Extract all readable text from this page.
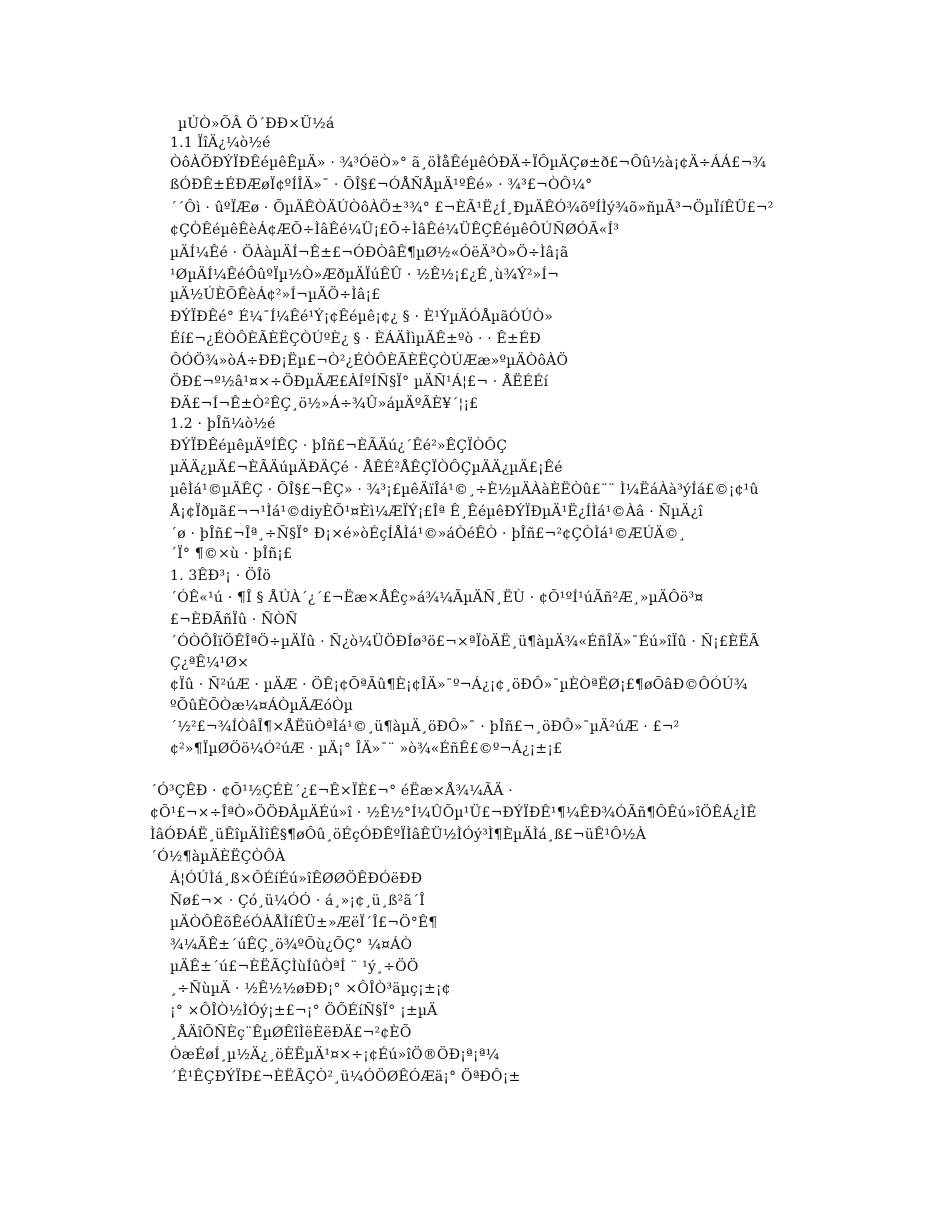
µÚÒ»ÕÂ Ö´ÐÐ×Ü½á
1.1 ÏîÄ¿¼ò½é
ÒôÀÖÐÝÏÐÊéµêÊµÄ» · ¾³ÓëÒ»° ã¸öÌåÊéµêÓÐÄ÷ÏÔµÄÇø±ð£¬Ôû½à¡¢Ä÷ÁÁ£¬¾
ßÓÐÊ±ÉÐÆøÏ¢ºÍÎÄ»¯ · ÕÎ§£¬ÓÅÑÅµÄ¹ºÊé» · ¾³£¬ÒÔ¼°
´´Ôì · ûºÏÆø · ÕµÄÊÒÄÚÒôÀÖ±³¾° £¬ÈÃ¹Ë¿Í¸ÐµÄÊÓ¾õºÍÌý¾õ»ñµÃ³¬ÖµÏíÊÜ£¬²
¢ÇÒÊéµêÊèÁ¢ÆÕ÷ÌâÊé¼Ü¡£Õ÷ÌâÊé¼ÜÊÇÊéµêÔÚÑØÓÃ«Í³
µÄÍ¼Êé · ÖÀàµÄÍ¬Ê±£¬ÓÐÒâÊ¶µØ½«ÓëÄ³Ò»Ö÷Ìâ¡ã
¹ØµÄÍ¼ÊéÔûºÏµ½Ò»ÆðµÄÏúÊÛ · ½Ê½¡£¿É¸ù¾Ý²»Í¬
µÄ½ÚÈÕÊèÁ¢²»Í¬µÄÖ÷Ìâ¡£
ÐÝÏÐÊé° É¼¯Í¼Êé¹Ý¡¢Êéµê¡¢¿ § · È¹ÝµÄÓÅµãÓÚÒ»
Éí£¬¿ÉÒÔÈÃÈËÇÒÚºÈ¿ § · ÈÁÄÌìµÄÊ±ºò · · Ê±ÉÐ
ÔÓÖ¾»òÁ÷ÐÐ¡Ëµ£¬Ò²¿ÉÒÔÈÃÈËÇÒÚÆæ»ºµÄÒôÀÖ
ÖÐ£¬º½â¹¤×÷ÖÐµÄÆ£ÀÍºÍÑ§Ï° µÄÑ¹Á¦£¬ · ÅËÉÉí
ÐÄ£¬Í¬Ê±Ò²ÊÇ¸ö½»Á÷¾Û»áµÄºÃÈ¥´¦¡£
1.2 · þÎñ¼ò½é
ÐÝÏÐÊéµêµÄºÍÊÇ · þÎñ£¬ÈÃÄú¿´Êé²»ÊÇÏÒÔÇ
µÄÄ¿µÄ£¬ÈÃÄúµÄÐÄÇé · ÅÊÉ²ÅÊÇÏÒÔÇµÄÄ¿µÄ£¡Êé
µêÌá¹©µÄÊÇ · ÕÎ§£¬ÊÇ» · ¾³¡£µêÄïÎá¹©¸÷È½µÄÀàÈËÒû£¨¨ Ì¼ËáÀà³ýÍá£©¡¢¹û
Å¡¢Ïðµã£¬¬¹Ìá¹©diyÈÕ¹¤Èì¼ÆÏÝ¡£Îª Ê¸ÊéµêÐÝÏÐµÄ¹Ë¿ÍÌá¹©Àâ · ÑµÄ¿î
´ø · þÎñ£¬Îª¸÷Ñ§Ï° Ð¡×é»òÉçÍÅÌá¹©»áÒéÊÒ · þÎñ£¬²¢ÇÒÌá¹©ÆÚÄ©¸
´Ï° ¶©×ù · þÎñ¡£
1. 3ÊÐ³¡ · ÖÎö
´ÓÊ«¹ú · ¶Î § ÅÚÀ´¿´£¬Ëæ×ÅÊç»á¾¼ÃµÄÑ¸ËÙ · ¢Õ¹ºÍ¹úÃñ²Æ¸»µÄÔö³¤
£¬ÈÐÃñÏû · ÑÒÑ
´ÓÒÔÎïÖÊÎªÖ÷µÄÏû · Ñ¿ò¼ÜÖÐÍø³ö£¬×ªÏòÄË¸ü¶àµÄ¾«ÉñÎÄ»¯Éú»îÏû · Ñ¡£ÈËÃ
Ç¿ªÊ¼¹Ø×
¢Ïû · Ñ²úÆ · µÄÆ · ÖÊ¡¢ÕªÃû¶È¡¢ÎÄ»¯º¬Á¿¡¢¸öÐÔ»¯µÈÒªËØ¡£¶øÕâÐ©ÔÓÚ¾
ºÕûÈÕÒæ¼¤ÁÒµÄÆóÒµ
´½²£¬¾ÍÒâÎ¶×ÅËüÒªÌá¹©¸ü¶àµÄ¸öÐÔ»¯ · þÎñ£¬¸öÐÔ»¯µÄ²úÆ · £¬²
¢²»¶ÏµØÖö¼Ó²úÆ · µÄ¡° ÎÄ»¯¨ »ò¾«ÉñÊ£©º¬Á¿¡±¡£
´Ó³ÇÊÐ · ¢Õ¹½ÇÉÈ´¿£¬Ê×ÏÈ£¬° éËæ×Å¾¼ÃÄ ·
¢Õ¹£¬×÷ÎªÒ»ÖÖÐÂµÄÉú»î · ½Ê½°Í¼ÛÕµ¹Ü£¬ÐÝÏÐÊ¹¶¼ÊÐ¾ÓÃñ¶ÔÊú»îÖÊÁ¿ÌÊ
ÌâÓÐÁË¸üÊîµÄÌîÊ§¶øÔû¸öÉçÓÐÊºÏÌâÊÜ½ÌÓý³Ì¶ÈµÄÌá¸ß£¬üÊ¹Ô½À
´Ó½¶àµÄÈËÇÒÔÀ
Á¦ÓÚÌá¸ß×ÔÉíÉú»îÊØØÖÊÐÓëÐÐ
Ñø£¬× · Çó¸ü¼ÓÓ · á¸»¡¢¸ü¸ß²ã´Î
µÄÒÔÊõÊéÓÀÅÌíÊÜ±»ÆëÏ´Î£¬Ö°Ê¶
¾¼ÃÊ±´úÊÇ¸ö¾ºÕù¿ÕÇ° ¼¤ÁÒ
µÄÊ±´ú£¬ÈËÃÇÌùÍûÒªÍ ¨ ¹ý¸÷ÖÖ
¸÷ÑùµÄ · ½Ê½½øÐÐ¡° ×ÔÎÒ³äµç¡±¡¢
¡° ×ÔÎÒ½ÌÓý¡±£¬¡° ÖÕÉíÑ§Ï° ¡±µÄ
¸ÅÄîÕÑÈç¨ÊµØÊîÌëÈëÐÄ£¬²¢ÈÕ
ÒæÉøÍ¸µ½Ä¿¸öÈËµÄ¹¤×÷¡¢Éú»îÖ®ÖÐ¡ª¡ª¼
´Ê¹ÊÇÐÝÏÐ£¬ÈËÃÇÒ²¸ü¼ÓÖØÊÓÆä¡° ÖªÐÔ¡±
